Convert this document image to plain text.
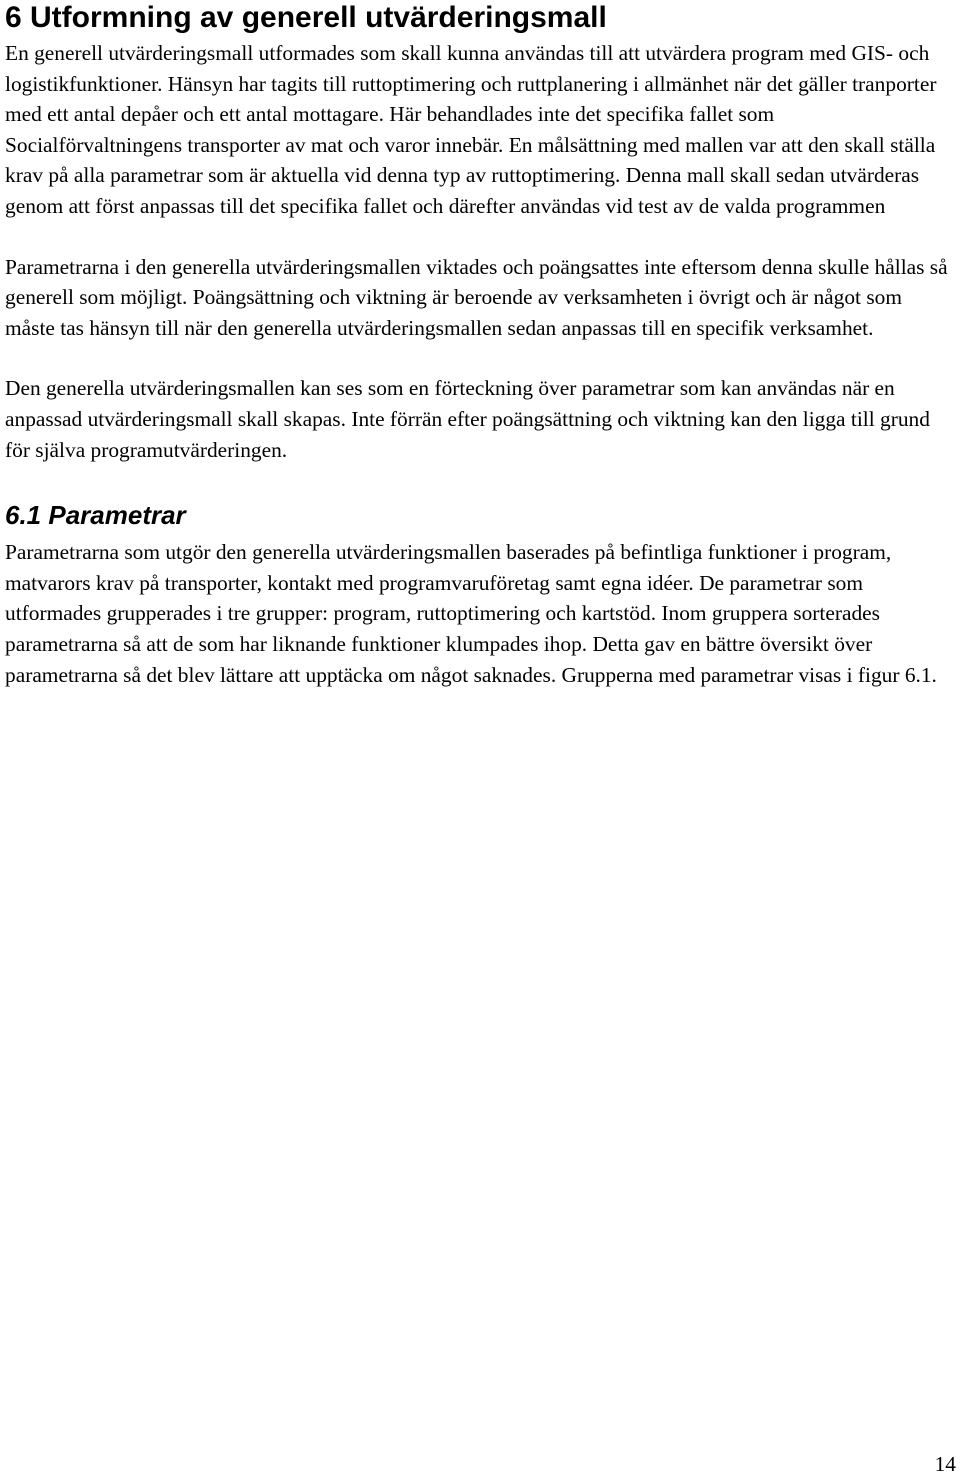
6 Utformning av generell utvärderingsmall

En generell utvärderingsmall utformades som skall kunna användas till att utvärdera program med GIS- och logistikfunktioner. Hänsyn har tagits till ruttoptimering och ruttplanering i allmänhet när det gäller tranporter med ett antal depåer och ett antal mottagare. Här behandlades inte det specifika fallet som Socialförvaltningens transporter av mat och varor innebär. En målsättning med mallen var att den skall ställa krav på alla parametrar som är aktuella vid denna typ av ruttoptimering. Denna mall skall sedan utvärderas genom att först anpassas till det specifika fallet och därefter användas vid test av de valda programmen

Parametrarna i den generella utvärderingsmallen viktades och poängsattes inte eftersom denna skulle hållas så generell som möjligt. Poängsättning och viktning är beroende av verksamheten i övrigt och är något som måste tas hänsyn till när den generella utvärderingsmallen sedan anpassas till en specifik verksamhet.

Den generella utvärderingsmallen kan ses som en förteckning över parametrar som kan användas när en anpassad utvärderingsmall skall skapas. Inte förrän efter poängsättning och viktning kan den ligga till grund för själva programutvärderingen.

6.1 Parametrar

Parametrarna som utgör den generella utvärderingsmallen baserades på befintliga funktioner i program, matvarors krav på transporter, kontakt med programvaruföretag samt egna idéer. De parametrar som utformades grupperades i tre grupper: program, ruttoptimering och kartstöd. Inom gruppera sorterades parametrarna så att de som har liknande funktioner klumpades ihop. Detta gav en bättre översikt över parametrarna så det blev lättare att upptäcka om något saknades. Grupperna med parametrar visas i figur 6.1.

14
